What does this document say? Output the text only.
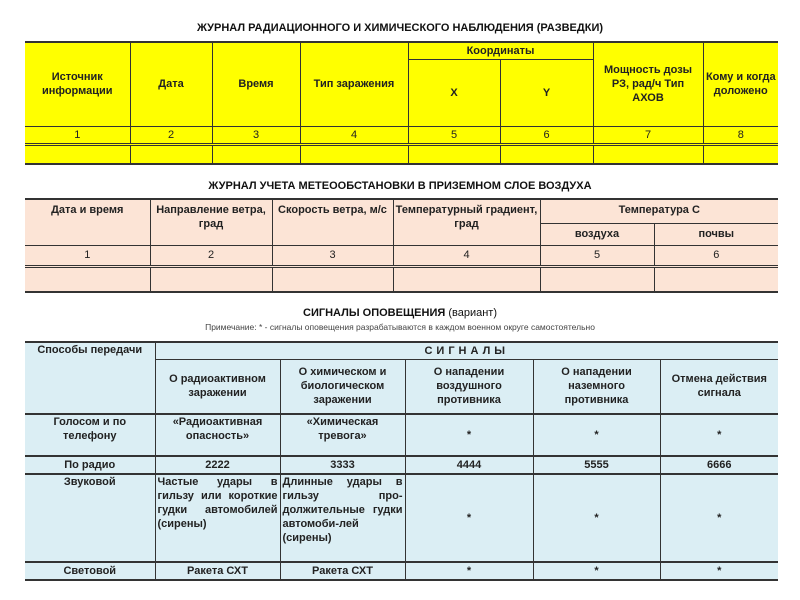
ЖУРНАЛ РАДИАЦИОННОГО И ХИМИЧЕСКОГО НАБЛЮДЕНИЯ (РАЗВЕДКИ)
Источник информации	Дата	Время	Тип заражения	Координаты		Мощность дозы РЗ, рад/ч Тип АХОВ	Кому и когда доложено
				X	Y		
1	2	3	4	5	6	7	8

ЖУРНАЛ УЧЕТА МЕТЕООБСТАНОВКИ В ПРИЗЕМНОМ СЛОЕ ВОЗДУХА
Дата и время	Направление ветра, град	Скорость ветра, м/с	Температурный градиент, град	Температура С	
				воздуха	почвы
1	2	3	4	5	6

СИГНАЛЫ ОПОВЕЩЕНИЯ (вариант)
Примечание: * - сигналы оповещения разрабатываются в каждом военном округе самостоятельно
Способы передачи	СИГНАЛЫ				
	О радиоактивном заражении	О химическом и биологическом заражении	О нападении воздушного противника	О нападении наземного противника	Отмена действия сигнала
Голосом и по телефону	«Радиоактивная опасность»	«Химическая тревога»	*	*	*
По радио	2222	3333	4444	5555	6666
Звуковой	Частые удары в гильзу или короткие гудки автомобилей (сирены)	Длинные удары в гильзу про-должительные гудки автомоби-лей (сирены)	*	*	*
Световой	Ракета СХТ	Ракета СХТ	*	*	*
